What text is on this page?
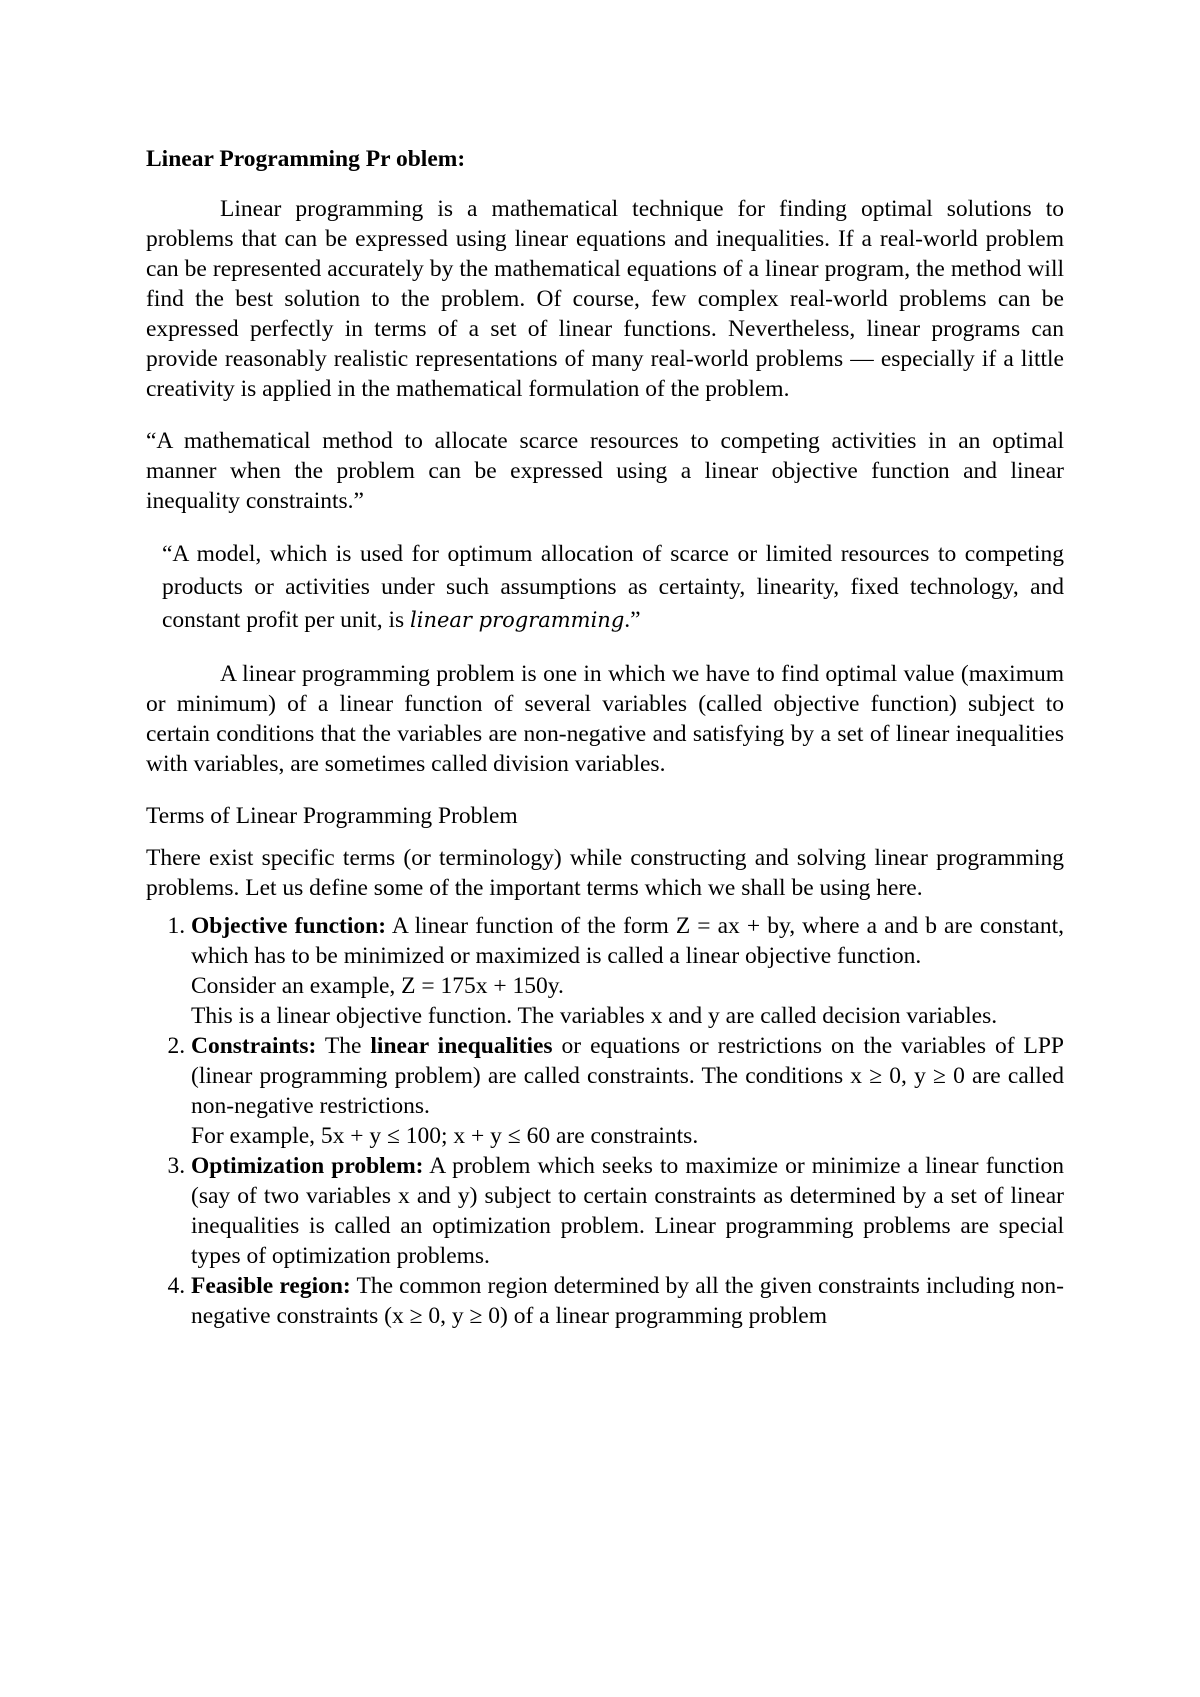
Linear Programming Pr oblem:

Linear programming is a mathematical technique for finding optimal solutions to problems that can be expressed using linear equations and inequalities. If a real-world problem can be represented accurately by the mathematical equations of a linear program, the method will find the best solution to the problem. Of course, few complex real-world problems can be expressed perfectly in terms of a set of linear functions. Nevertheless, linear programs can provide reasonably realistic representations of many real-world problems — especially if a little creativity is applied in the mathematical formulation of the problem.

“A mathematical method to allocate scarce resources to competing activities in an optimal manner when the problem can be expressed using a linear objective function and linear inequality constraints.”

“A model, which is used for optimum allocation of scarce or limited resources to competing products or activities under such assumptions as certainty, linearity, fixed technology, and constant profit per unit, is linear programming.”

A linear programming problem is one in which we have to find optimal value (maximum or minimum) of a linear function of several variables (called objective function) subject to certain conditions that the variables are non-negative and satisfying by a set of linear inequalities with variables, are sometimes called division variables.

Terms of Linear Programming Problem

There exist specific terms (or terminology) while constructing and solving linear programming problems. Let us define some of the important terms which we shall be using here.

1. Objective function: A linear function of the form Z = ax + by, where a and b are constant, which has to be minimized or maximized is called a linear objective function.
Consider an example, Z = 175x + 150y.
This is a linear objective function. The variables x and y are called decision variables.
2. Constraints: The linear inequalities or equations or restrictions on the variables of LPP (linear programming problem) are called constraints. The conditions x ≥ 0, y ≥ 0 are called non-negative restrictions.
For example, 5x + y ≤ 100; x + y ≤ 60 are constraints.
3. Optimization problem: A problem which seeks to maximize or minimize a linear function (say of two variables x and y) subject to certain constraints as determined by a set of linear inequalities is called an optimization problem. Linear programming problems are special types of optimization problems.
4. Feasible region: The common region determined by all the given constraints including non-negative constraints (x ≥ 0, y ≥ 0) of a linear programming problem
